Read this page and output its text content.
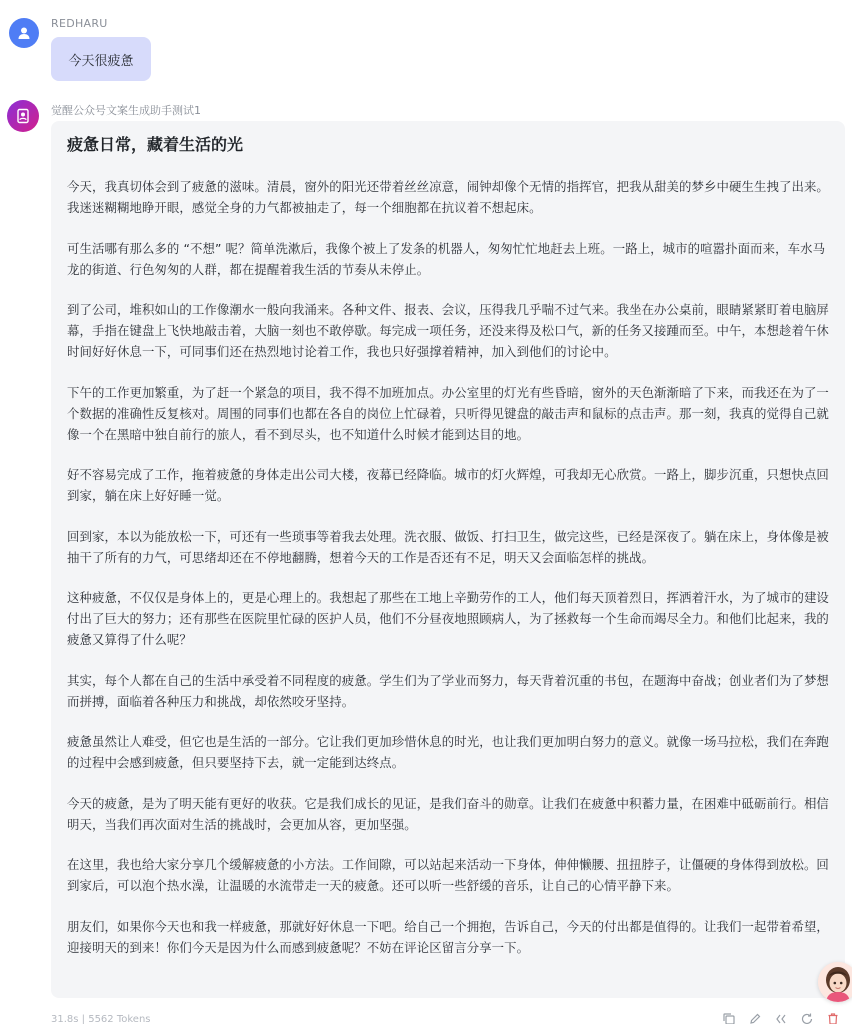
REDHARU
今天很疲惫
觉醒公众号文案生成助手测试1
疲惫日常，藏着生活的光

今天，我真切体会到了疲惫的滋味。清晨，窗外的阳光还带着丝丝凉意，闹钟却像个无情的指挥官，把我从甜美的梦乡中硬生生拽了出来。我迷迷糊糊地睁开眼，感觉全身的力气都被抽走了，每一个细胞都在抗议着不想起床。

可生活哪有那么多的 “不想” 呢？简单洗漱后，我像个被上了发条的机器人，匆匆忙忙地赶去上班。一路上，城市的喧嚣扑面而来，车水马龙的街道、行色匆匆的人群，都在提醒着我生活的节奏从未停止。

到了公司，堆积如山的工作像潮水一般向我涌来。各种文件、报表、会议，压得我几乎喘不过气来。我坐在办公桌前，眼睛紧紧盯着电脑屏幕，手指在键盘上飞快地敲击着，大脑一刻也不敢停歇。每完成一项任务，还没来得及松口气，新的任务又接踵而至。中午，本想趁着午休时间好好休息一下，可同事们还在热烈地讨论着工作，我也只好强撑着精神，加入到他们的讨论中。

下午的工作更加繁重，为了赶一个紧急的项目，我不得不加班加点。办公室里的灯光有些昏暗，窗外的天色渐渐暗了下来，而我还在为了一个数据的准确性反复核对。周围的同事们也都在各自的岗位上忙碌着，只听得见键盘的敲击声和鼠标的点击声。那一刻，我真的觉得自己就像一个在黑暗中独自前行的旅人，看不到尽头，也不知道什么时候才能到达目的地。

好不容易完成了工作，拖着疲惫的身体走出公司大楼，夜幕已经降临。城市的灯火辉煌，可我却无心欣赏。一路上，脚步沉重，只想快点回到家，躺在床上好好睡一觉。

回到家，本以为能放松一下，可还有一些琐事等着我去处理。洗衣服、做饭、打扫卫生，做完这些，已经是深夜了。躺在床上，身体像是被抽干了所有的力气，可思绪却还在不停地翻腾，想着今天的工作是否还有不足，明天又会面临怎样的挑战。

这种疲惫，不仅仅是身体上的，更是心理上的。我想起了那些在工地上辛勤劳作的工人，他们每天顶着烈日，挥洒着汗水，为了城市的建设付出了巨大的努力；还有那些在医院里忙碌的医护人员，他们不分昼夜地照顾病人，为了拯救每一个生命而竭尽全力。和他们比起来，我的疲惫又算得了什么呢？

其实，每个人都在自己的生活中承受着不同程度的疲惫。学生们为了学业而努力，每天背着沉重的书包，在题海中奋战；创业者们为了梦想而拼搏，面临着各种压力和挑战，却依然咬牙坚持。

疲惫虽然让人难受，但它也是生活的一部分。它让我们更加珍惜休息的时光，也让我们更加明白努力的意义。就像一场马拉松，我们在奔跑的过程中会感到疲惫，但只要坚持下去，就一定能到达终点。

今天的疲惫，是为了明天能有更好的收获。它是我们成长的见证，是我们奋斗的勋章。让我们在疲惫中积蓄力量，在困难中砥砺前行。相信明天，当我们再次面对生活的挑战时，会更加从容，更加坚强。

在这里，我也给大家分享几个缓解疲惫的小方法。工作间隙，可以站起来活动一下身体，伸伸懒腰、扭扭脖子，让僵硬的身体得到放松。回到家后，可以泡个热水澡，让温暖的水流带走一天的疲惫。还可以听一些舒缓的音乐，让自己的心情平静下来。

朋友们，如果你今天也和我一样疲惫，那就好好休息一下吧。给自己一个拥抱，告诉自己，今天的付出都是值得的。让我们一起带着希望，迎接明天的到来！你们今天是因为什么而感到疲惫呢？不妨在评论区留言分享一下。

31.8s | 5562 Tokens
